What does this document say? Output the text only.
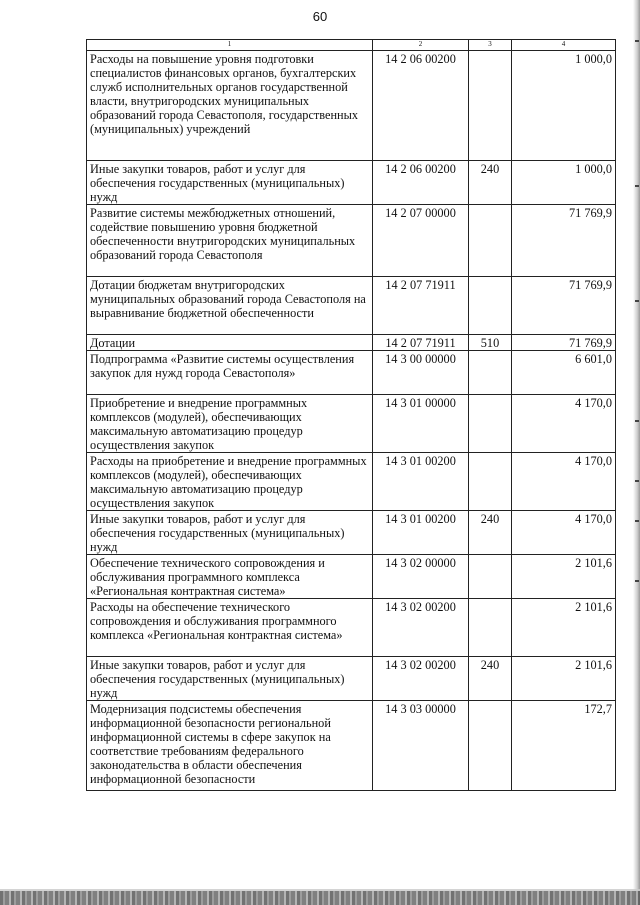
60
1	2	3	4
Расходы на повышение уровня подготовки специалистов финансовых органов, бухгалтерских служб исполнительных органов государственной власти, внутригородских муниципальных образований города Севастополя, государственных (муниципальных) учреждений	14 2 06 00200		1 000,0
Иные закупки товаров, работ и услуг для обеспечения государственных (муниципальных) нужд	14 2 06 00200	240	1 000,0
Развитие системы межбюджетных отношений, содействие повышению уровня бюджетной обеспеченности внутригородских муниципальных образований города Севастополя	14 2 07 00000		71 769,9
Дотации бюджетам внутригородских муниципальных образований города Севастополя на выравнивание бюджетной обеспеченности	14 2 07 71911		71 769,9
Дотации	14 2 07 71911	510	71 769,9
Подпрограмма «Развитие системы осуществления закупок для нужд города Севастополя»	14 3 00 00000		6 601,0
Приобретение и внедрение программных комплексов (модулей), обеспечивающих максимальную автоматизацию процедур осуществления закупок	14 3 01 00000		4 170,0
Расходы на приобретение и внедрение программных комплексов (модулей), обеспечивающих максимальную автоматизацию процедур осуществления закупок	14 3 01 00200		4 170,0
Иные закупки товаров, работ и услуг для обеспечения государственных (муниципальных) нужд	14 3 01 00200	240	4 170,0
Обеспечение технического сопровождения и обслуживания программного комплекса «Региональная контрактная система»	14 3 02 00000		2 101,6
Расходы на обеспечение технического сопровождения и обслуживания программного комплекса «Региональная контрактная система»	14 3 02 00200		2 101,6
Иные закупки товаров, работ и услуг для обеспечения государственных (муниципальных) нужд	14 3 02 00200	240	2 101,6
Модернизация подсистемы обеспечения информационной безопасности региональной информационной системы в сфере закупок на соответствие требованиям федерального законодательства в области обеспечения информационной безопасности	14 3 03 00000		172,7
